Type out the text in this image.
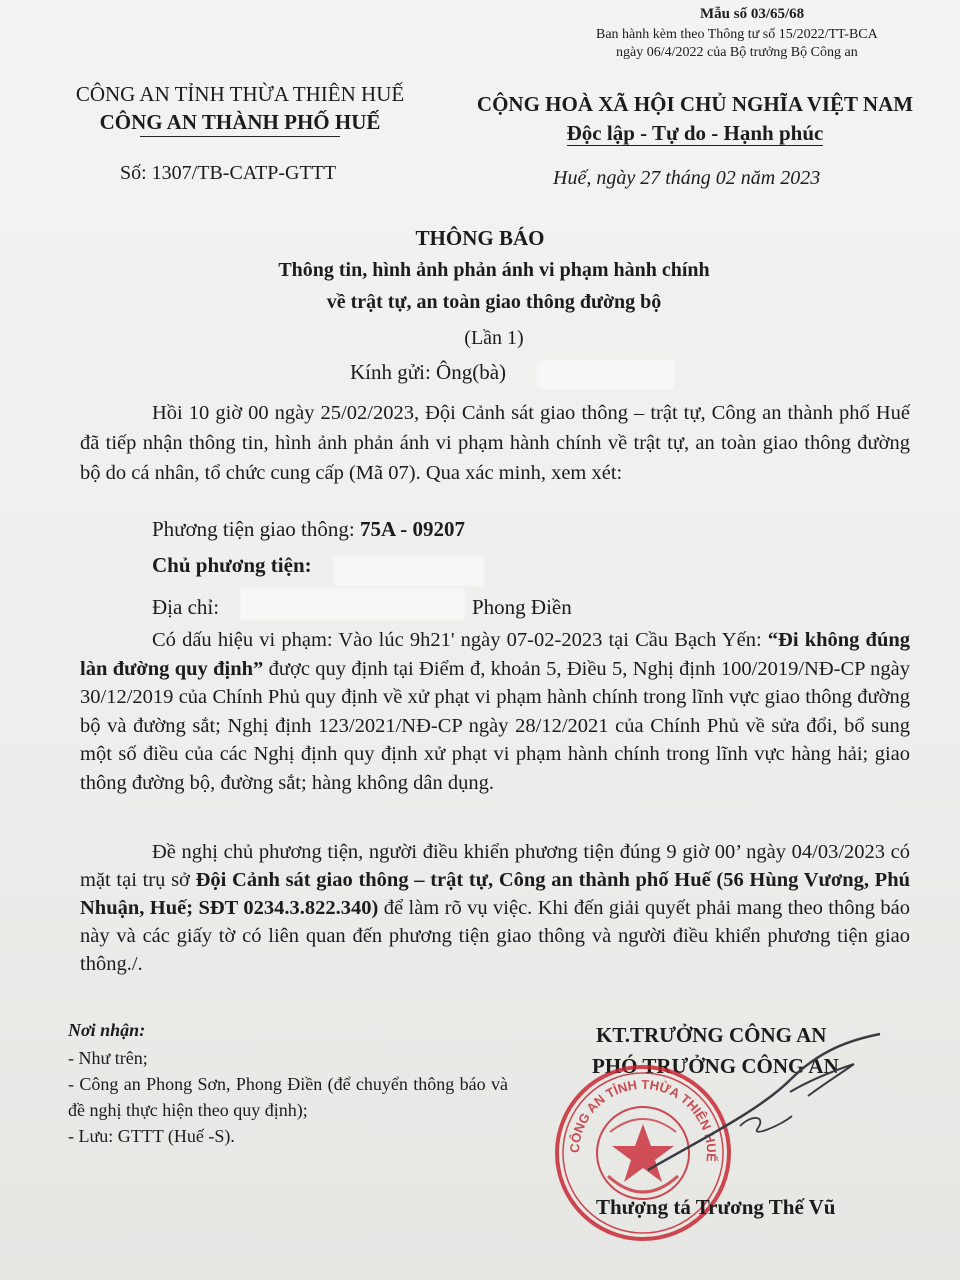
Mẫu số 03/65/68
Ban hành kèm theo Thông tư số 15/2022/TT-BCA
ngày 06/4/2022 của Bộ trưởng Bộ Công an
CÔNG AN TỈNH THỪA THIÊN HUẾ
CÔNG AN THÀNH PHỐ HUẾ
CỘNG HOÀ XÃ HỘI CHỦ NGHĨA VIỆT NAM
Độc lập - Tự do - Hạnh phúc
Số: 1307/TB-CATP-GTTT	Huế, ngày 27 tháng 02 năm 2023
THÔNG BÁO
Thông tin, hình ảnh phản ánh vi phạm hành chính
về trật tự, an toàn giao thông đường bộ
(Lần 1)
Kính gửi: Ông(bà)
Hồi 10 giờ 00 ngày 25/02/2023, Đội Cảnh sát giao thông – trật tự, Công an thành phố Huế đã tiếp nhận thông tin, hình ảnh phản ánh vi phạm hành chính về trật tự, an toàn giao thông đường bộ do cá nhân, tổ chức cung cấp (Mã 07). Qua xác minh, xem xét:
Phương tiện giao thông: 75A - 09207
Chủ phương tiện:
Địa chỉ:	Phong Điền
Có dấu hiệu vi phạm: Vào lúc 9h21' ngày 07-02-2023 tại Cầu Bạch Yến: “Đi không đúng làn đường quy định” được quy định tại Điểm đ, khoản 5, Điều 5, Nghị định 100/2019/NĐ-CP ngày 30/12/2019 của Chính Phủ quy định về xử phạt vi phạm hành chính trong lĩnh vực giao thông đường bộ và đường sắt; Nghị định 123/2021/NĐ-CP ngày 28/12/2021 của Chính Phủ về sửa đổi, bổ sung một số điều của các Nghị định quy định xử phạt vi phạm hành chính trong lĩnh vực hàng hải; giao thông đường bộ, đường sắt; hàng không dân dụng.
Đề nghị chủ phương tiện, người điều khiển phương tiện đúng 9 giờ 00’ ngày 04/03/2023 có mặt tại trụ sở Đội Cảnh sát giao thông – trật tự, Công an thành phố Huế (56 Hùng Vương, Phú Nhuận, Huế; SĐT 0234.3.822.340) để làm rõ vụ việc. Khi đến giải quyết phải mang theo thông báo này và các giấy tờ có liên quan đến phương tiện giao thông và người điều khiển phương tiện giao thông./.
Nơi nhận:
- Như trên;
- Công an Phong Sơn, Phong Điền (để chuyển thông báo và đề nghị thực hiện theo quy định);
- Lưu: GTTT (Huế -S).
KT.TRƯỞNG CÔNG AN
PHÓ TRƯỞNG CÔNG AN
CÔNG AN TỈNH THỪA THIÊN HUẾ
Thượng tá Trương Thế Vũ
